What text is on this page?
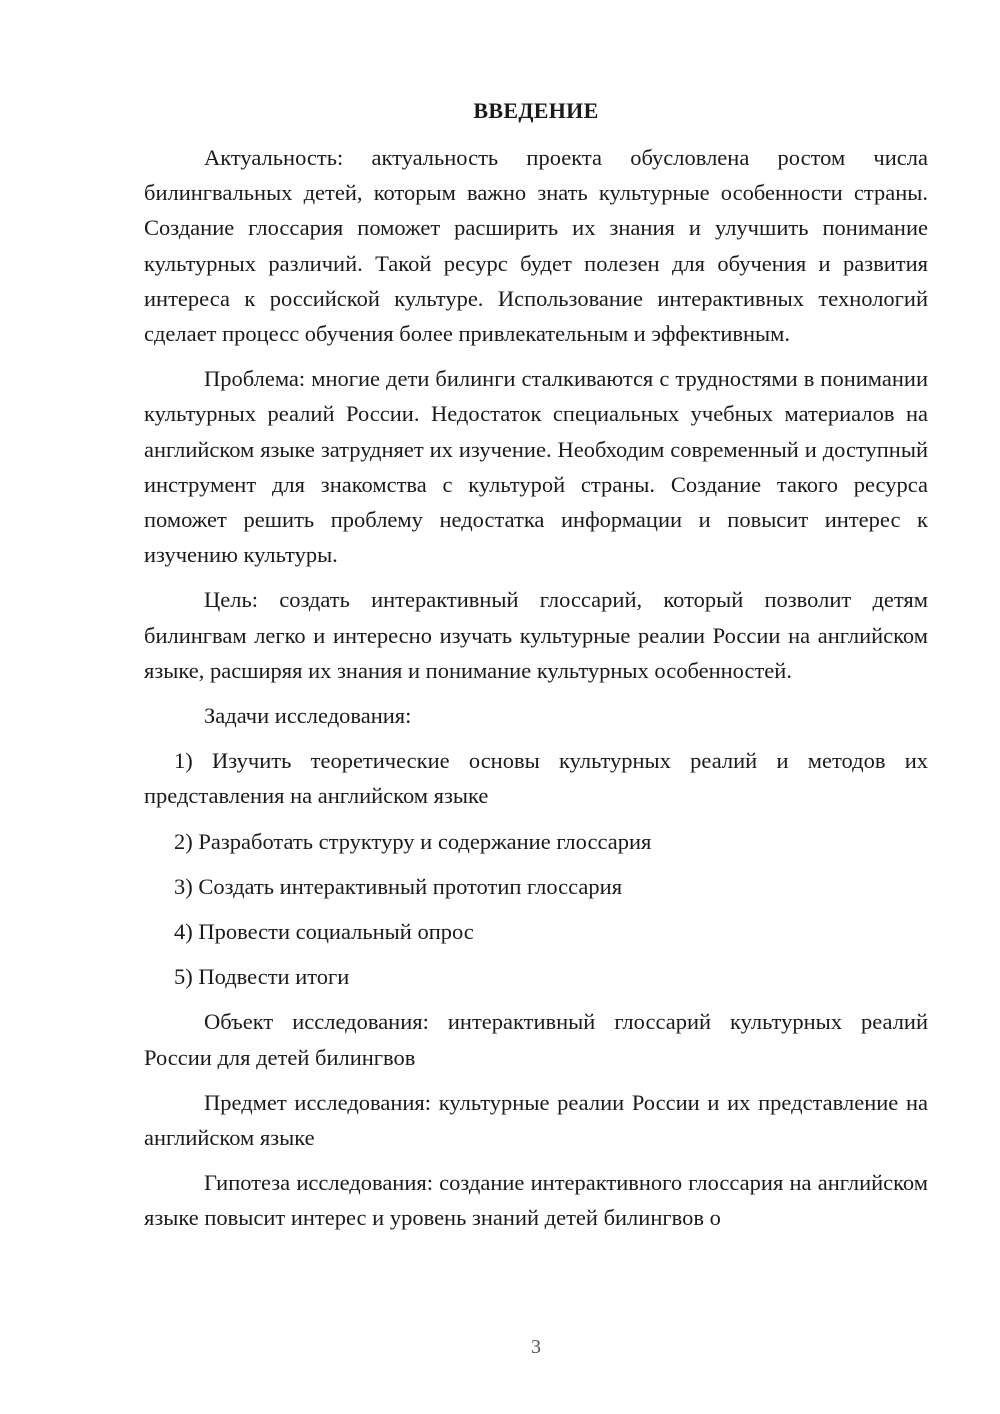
ВВЕДЕНИЕ

Актуальность: актуальность проекта обусловлена ростом числа билингвальных детей, которым важно знать культурные особенности страны. Создание глоссария поможет расширить их знания и улучшить понимание культурных различий. Такой ресурс будет полезен для обучения и развития интереса к российской культуре. Использование интерактивных технологий сделает процесс обучения более привлекательным и эффективным.

Проблема: многие дети билинги сталкиваются с трудностями в понимании культурных реалий России. Недостаток специальных учебных материалов на английском языке затрудняет их изучение. Необходим современный и доступный инструмент для знакомства с культурой страны. Создание такого ресурса поможет решить проблему недостатка информации и повысит интерес к изучению культуры.

Цель: создать интерактивный глоссарий, который позволит детям билингвам легко и интересно изучать культурные реалии России на английском языке, расширяя их знания и понимание культурных особенностей.

Задачи исследования:

1) Изучить теоретические основы культурных реалий и методов их представления на английском языке

2) Разработать структуру и содержание глоссария

3) Создать интерактивный прототип глоссария

4) Провести социальный опрос

5) Подвести итоги

Объект исследования: интерактивный глоссарий культурных реалий России для детей билингвов

Предмет исследования: культурные реалии России и их представление на английском языке

Гипотеза исследования: создание интерактивного глоссария на английском языке повысит интерес и уровень знаний детей билингвов о

3
